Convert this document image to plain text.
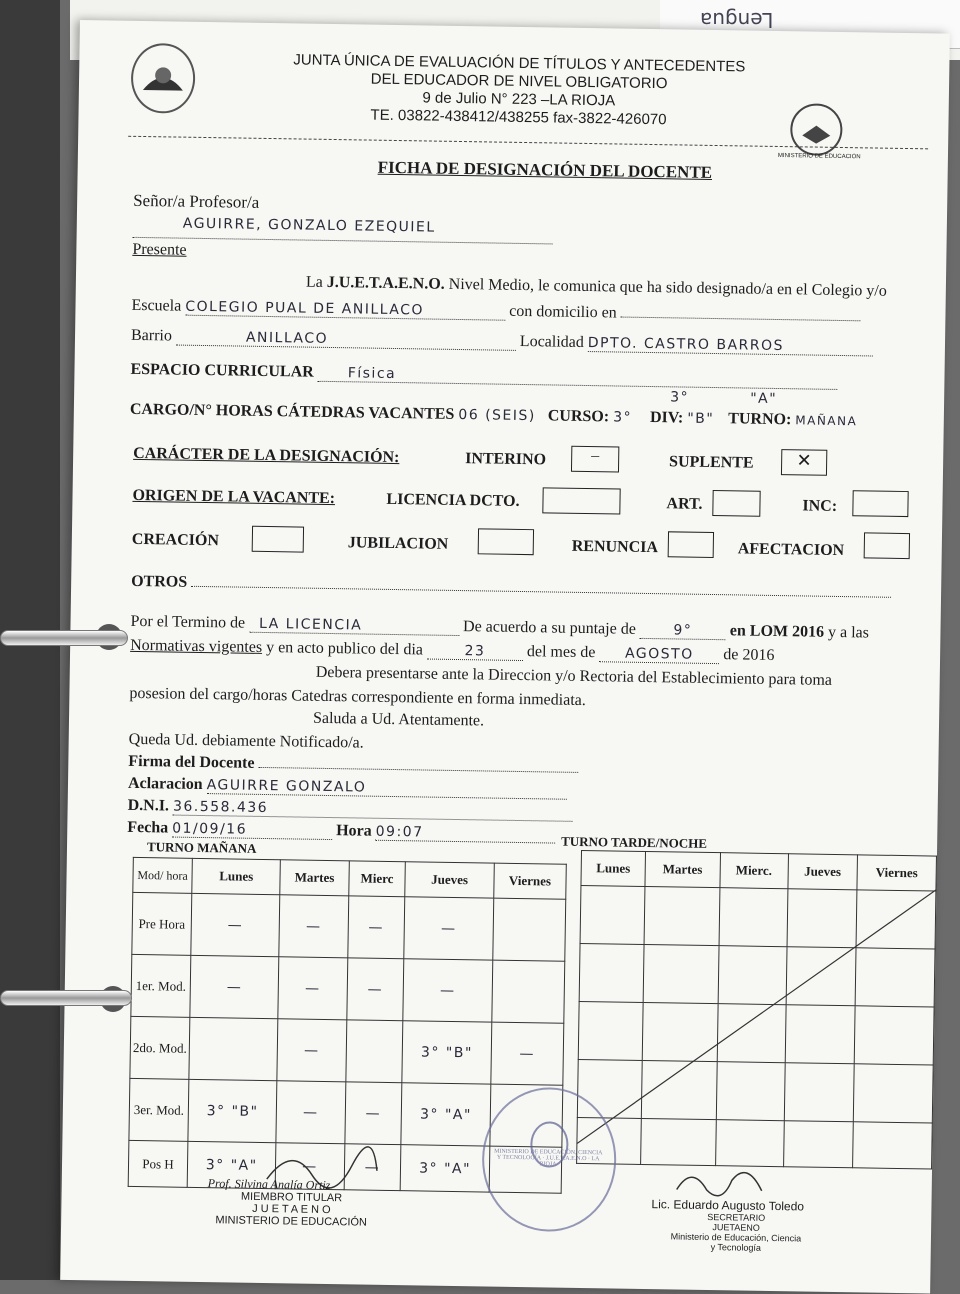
Lengua
JUNTA ÚNICA DE EVALUACIÓN DE TÍTULOS Y ANTECEDENTES
DEL EDUCADOR DE NIVEL OBLIGATORIO
9 de Julio N° 223 –LA RIOJA
TE. 03822-438412/438255 fax-3822-426070
MINISTERIO DE EDUCACIÓN
FICHA DE DESIGNACIÓN DEL DOCENTE
Señor/a Profesor/a
AGUIRRE, GONZALO EZEQUIEL
Presente
La J.U.E.T.A.E.N.O. Nivel Medio, le comunica que ha sido designado/a en el Colegio y/o
Escuela COLEGIO PUAL DE ANILLACO	con domicilio en
Barrio	ANILLACO	Localidad DPTO. CASTRO BARROS
ESPACIO CURRICULAR Física
3°	"A"
CARGO/N° HORAS CÁTEDRAS VACANTES 06 (SEIS) CURSO: 3° DIV: "B" TURNO: MAÑANA
CARÁCTER DE LA DESIGNACIÓN:	INTERINO	–	SUPLENTE	✕
ORIGEN DE LA VACANTE:	LICENCIA DCTO.	ART.	INC:
CREACIÓN	JUBILACION	RENUNCIA	AFECTACION
OTROS
Por el Termino de LA LICENCIA	De acuerdo a su puntaje de	9° en LOM 2016 y a las
Normativas vigentes y en acto publico del dia	23	del mes de AGOSTO de 2016
Debera presentarse ante la Direccion y/o Rectoria del Establecimiento para toma
posesion del cargo/horas Catedras correspondiente en forma inmediata.
Saluda a Ud. Atentamente.
Queda Ud. debiamente Notificado/a.
Firma del Docente
Aclaracion AGUIRRE GONZALO
D.N.I. 36.558.436
Fecha 01/09/16	Hora 09:07
TURNO MAÑANA	TURNO TARDE/NOCHE
Mod/ hora	Lunes	Martes	Mierc	Jueves	Viernes
Pre Hora	—	—	—	—	
1er. Mod.	—	—	—	—	
2do. Mod.		—		3° "B"	—
3er. Mod.	3° "B"	—	—	3° "A"	
Pos H	3° "A"	—	—	3° "A"	
Lunes	Martes	Mierc.	Jueves	Viernes

Prof. Silvina Analía Ortiz
MIEMBRO TITULAR
J U E T A E N O
MINISTERIO DE EDUCACIÓN
MINISTERIO DE EDUCACIÓN, CIENCIA Y TECNOLOGÍA · J.U.E.T.A.E.N.O · LA RIOJA
Lic. Eduardo Augusto Toledo
SECRETARIO
JUETAENO
Ministerio de Educación, Ciencia
y Tecnología
